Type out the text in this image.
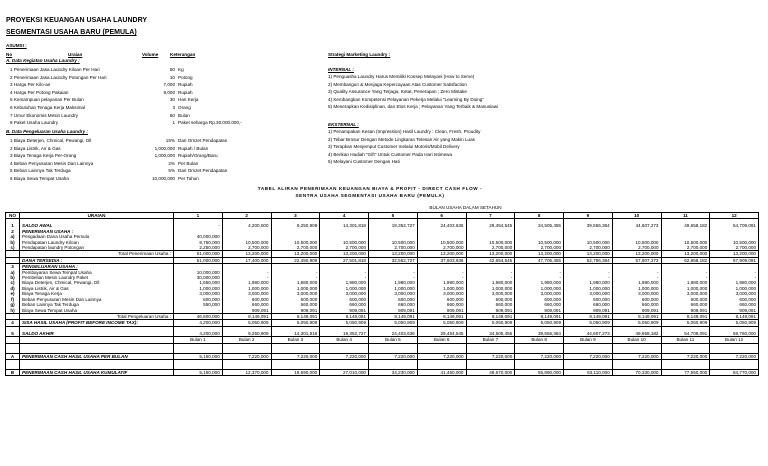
PROYEKSI KEUANGAN USAHA LAUNDRY
SEGMENTASI USAHA BARU (PEMULA)
ASUMSI :
No	Uraian	Volume	Keterangan
A. Data Kegiatan Usaha Laundry :
1 Penerimaan Jasa Laundry Kiloan Per Hari	50 Kg
2 Penerimaan Jasa Laundry Potongan Per Hari	10 Potong
3 Harga Per Kilo-an	7,000 Rupiah
4 Harga Per Potong Pakaian	9,000 Rupiah
5 Kemampuan pelayanan Per Bulan	30 Hari Kerja
6 Kebutuhan Tenaga Kerja Maksimal	3 Orang
7 Umur Ekonomis Mesin Laundry	60 Bulan
8 Paket Usaha Laundry	1 Paket seharga Rp.30.000.000,-
B. Data Pengeluaran Usaha Laundry :
1 Biaya Deterjen, Chmical, Pewangi, Dll	15% Dari Omzet Pendapatan
2 Biaya Listrik, Air & Gas	1,000,000 Rupiah / Bulan
3 Biaya Tenaga Kerja Per-Orang	1,000,000 Rupiah/Orang/Baru
4 Beban Penyusutan Mesin Dan Lainnya	2% Per Bulan
5 Beban Lainnya Tak Terduga	5% Dari Omzet Pendapatan
6 Biaya Sewa Tempat Usaha	10,000,000 Per Tahun
Strategi Marketing Laundry :
INTERNAL :
1) Penguasha Laundry Harus Memiliki Konsep Melayani (How to Serve)
2) Membangun & Menjaga Kepercayaan Atas Customer Satisfaction
3) Quality Assurance Yang Terjaga, Ketat, Penerapan ; Zero Mistake
4) Kembangkan Kompetensi Pelayanan Pekerja Melalui "Learning By Doing"
5) Menerapkan Kedisiplinan, dan Etos Kerja ; Pelayanan Yang Terbaik & Manusiawi
EKSTERNAL :
1) Penampakan Kesan (Impression) Hasil Laundry : Clean, Fresh, Proudity
2) Tebar Brosur Dengan Metode Lingkaran Tetesan Air yang Makin Luas
3) Terapkan Menjemput Customer melalui Motoris/Mobil Delivery
4) Berikan Hadiah "Gift" Untuk Customer Pada Hari Istimewa
5) Melayani Customer Dengan Hati
TABEL ALIRAN PENERIMAAN KEUANGAN BIAYA & PROFIT - DIRECT CASH FLOW -
SENTRA USAHA SEGMENTASI USAHA BARU (PEMULA)
BULAN USAHA DALAM SETAHUN
NO	URAIAN	1	2	3	4	5	6	7	8	9	10	11	12

1	SALDO AWAL	-	4,200,000	9,250,909	14,301,818	19,352,727	24,403,636	29,454,545	34,505,455	39,556,364	44,607,273	49,658,182	54,709,091
2	PENERIMAAN USAHA :												
a)	Pengadaan Dana Usaha Pemula	40,000,000											
b)	Pendapatan Laundry Kiloan	8,750,000	10,500,000	10,500,000	10,500,000	10,500,000	10,500,000	10,500,000	10,500,000	10,500,000	10,500,000	10,500,000	10,500,000
c)	Pendapatan laundry Potongan	2,250,000	2,700,000	2,700,000	2,700,000	2,700,000	2,700,000	2,700,000	2,700,000	2,700,000	2,700,000	2,700,000	2,700,000
	Total Penerimaan Usaha :	51,000,000	13,200,000	13,200,000	13,200,000	13,200,000	13,200,000	13,200,000	13,200,000	13,200,000	13,200,000	13,200,000	13,200,000
	DANA TERSEDIA :	51,000,000	17,400,000	22,450,909	27,501,818	32,552,727	37,603,636	42,654,545	47,705,455	52,756,364	57,807,273	62,858,182	67,909,091
3	PENGELUARAN USAHA :												
a)	Pembayaran Sewa Tempat Usaha	10,000,000	-	-	-	-	-	-	-	-	-	-	-
b)	Pembelian Mesin Laundry Paket	30,000,000	-	-	-	-	-	-	-	-	-	-	-
c)	Biaya Deterjen, Chmical, Pewangi, Dll	1,650,000	1,980,000	1,980,000	1,980,000	1,980,000	1,980,000	1,980,000	1,980,000	1,980,000	1,980,000	1,980,000	1,980,000
d)	Biaya Listrik, Air & Gas	1,000,000	1,000,000	1,000,000	1,000,000	1,000,000	1,000,000	1,000,000	1,000,000	1,000,000	1,000,000	1,000,000	1,000,000
e)	Biaya Tenaga Kerja	3,000,000	3,000,000	3,000,000	3,000,000	3,000,000	3,000,000	3,000,000	3,000,000	3,000,000	3,000,000	3,000,000	3,000,000
f)	Beban Penyusutan Mesin Dan Lainnya	600,000	600,000	600,000	600,000	600,000	600,000	600,000	600,000	600,000	600,000	600,000	600,000
g)	Beban Lainnya Tak Terduga	550,000	660,000	660,000	660,000	660,000	660,000	660,000	660,000	660,000	660,000	660,000	660,000
h)	Biaya Sewa Tempat Usaha	-	909,091	909,091	909,091	909,091	909,091	909,091	909,091	909,091	909,091	909,091	909,091
	Total Pengeluaran Usaha :	46,800,000	8,149,091	8,149,091	8,149,091	8,149,091	8,149,091	8,149,091	8,149,091	8,149,091	8,149,091	8,149,091	8,149,091
4	SISA HASIL USAHA (PROFIT BEFORE INCOME TAX):	4,200,000	5,050,909	5,050,909	5,050,909	5,050,909	5,050,909	5,050,909	5,050,909	5,050,909	5,050,909	5,050,909	5,050,909

5	SALDO AKHIR	4,200,000	9,250,909	14,301,818	19,352,727	24,403,636	29,454,545	34,505,455	39,556,364	44,607,273	49,658,182	54,709,091	59,760,000
		Bulan 1	Bulan 2	Bulan 3	Bulan 4	Bulan 5	Bulan 6	Bulan 7	Bulan 8	Bulan 9	Bulan 10	Bulan 11	Bulan 12

A	PENERIMAAN CASH HASIL USAHA PER BULAN	5,150,000	7,220,000	7,220,000	7,220,000	7,220,000	7,220,000	7,220,000	7,220,000	7,220,000	7,220,000	7,220,000	7,220,000

B	PENERIMAAN CASH HASIL USAHA KUMULATIF	5,150,000	12,370,000	19,590,000	27,010,000	34,230,000	41,450,000	48,670,000	55,890,000	63,110,000	70,330,000	77,550,000	84,770,000
